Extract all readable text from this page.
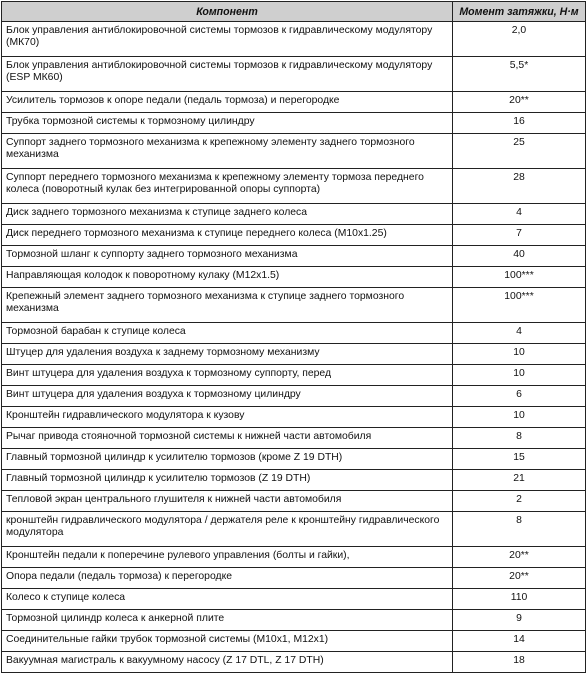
Компонент	Момент затяжки, Н·м
Блок управления антиблокировочной системы тормозов к гидравлическому модулятору (МК70)	2,0
Блок управления антиблокировочной системы тормозов к гидравлическому модулятору (ESP МК60)	5,5*
Усилитель тормозов к опоре педали (педаль тормоза) и перегородке	20**
Трубка тормозной системы к тормозному цилиндру	16
Суппорт заднего тормозного механизма к крепежному элементу заднего тормозного механизма	25
Суппорт переднего тормозного механизма к крепежному элементу тормоза переднего колеса (поворотный кулак без интегрированной опоры суппорта)	28
Диск заднего тормозного механизма к ступице заднего колеса	4
Диск переднего тормозного механизма к ступице переднего колеса (M10x1.25)	7
Тормозной шланг к суппорту заднего тормозного механизма	40
Направляющая колодок к поворотному кулаку (M12x1.5)	100***
Крепежный элемент заднего тормозного механизма к ступице заднего тормозного механизма	100***
Тормозной барабан к ступице колеса	4
Штуцер для удаления воздуха к заднему тормозному механизму	10
Винт штуцера для удаления воздуха к тормозному суппорту, перед	10
Винт штуцера для удаления воздуха к тормозному цилиндру	6
Кронштейн гидравлического модулятора к кузову	10
Рычаг привода стояночной тормозной системы к нижней части автомобиля	8
Главный тормозной цилиндр к усилителю тормозов (кроме Z 19 DTH)	15
Главный тормозной цилиндр к усилителю тормозов (Z 19 DTH)	21
Тепловой экран центрального глушителя к нижней части автомобиля	2
кронштейн гидравлического модулятора / держателя реле к кронштейну гидравлического модулятора	8
Кронштейн педали к поперечине рулевого управления (болты и гайки),	20**
Опора педали (педаль тормоза) к перегородке	20**
Колесо к ступице колеса	110
Тормозной цилиндр колеса к анкерной плите	9
Соединительные гайки трубок тормозной системы (M10x1, M12x1)	14
Вакуумная магистраль к вакуумному насосу (Z 17 DTL, Z 17 DTH)	18
